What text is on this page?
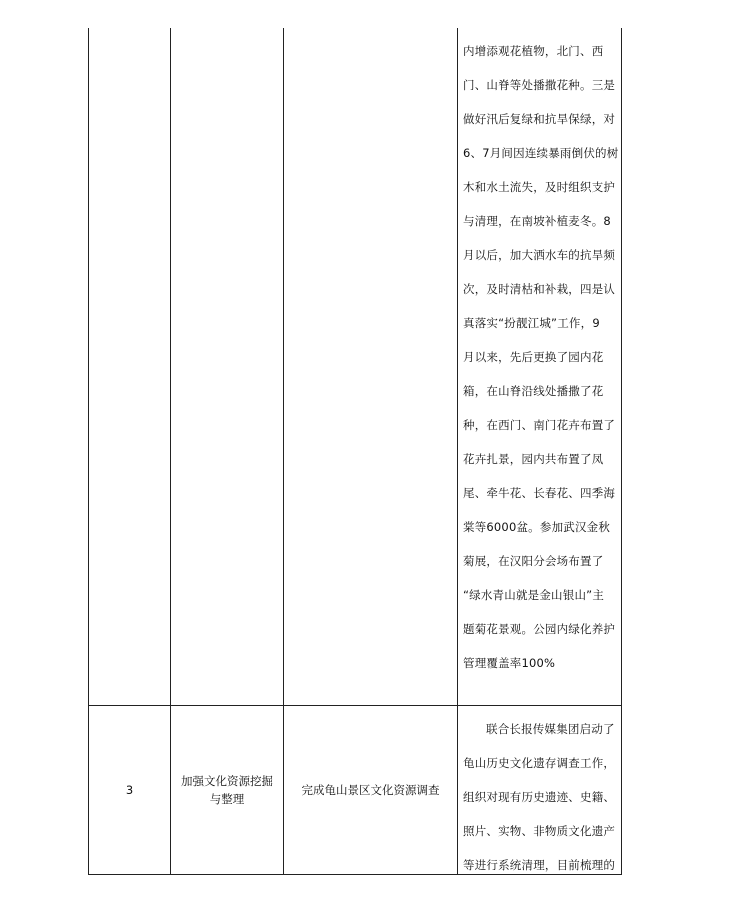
内增添观花植物，北门、西
门、山脊等处播撒花种。三是
做好汛后复绿和抗旱保绿，对
6、7月间因连续暴雨倒伏的树
木和水土流失，及时组织支护
与清理，在南坡补植麦冬。8
月以后，加大洒水车的抗旱频
次，及时清枯和补栽，四是认
真落实“扮靓江城”工作，9
月以来，先后更换了园内花
箱，在山脊沿线处播撒了花
种，在西门、南门花卉布置了
花卉扎景，园内共布置了凤
尾、牵牛花、长春花、四季海
棠等6000盆。参加武汉金秋
菊展，在汉阳分会场布置了
“绿水青山就是金山银山”主
题菊花景观。公园内绿化养护
管理覆盖率100%
3
加强文化资源挖掘
与整理
完成龟山景区文化资源调查
联合长报传媒集团启动了
龟山历史文化遗存调查工作，
组织对现有历史遗迹、史籍、
照片、实物、非物质文化遗产
等进行系统清理，目前梳理的
